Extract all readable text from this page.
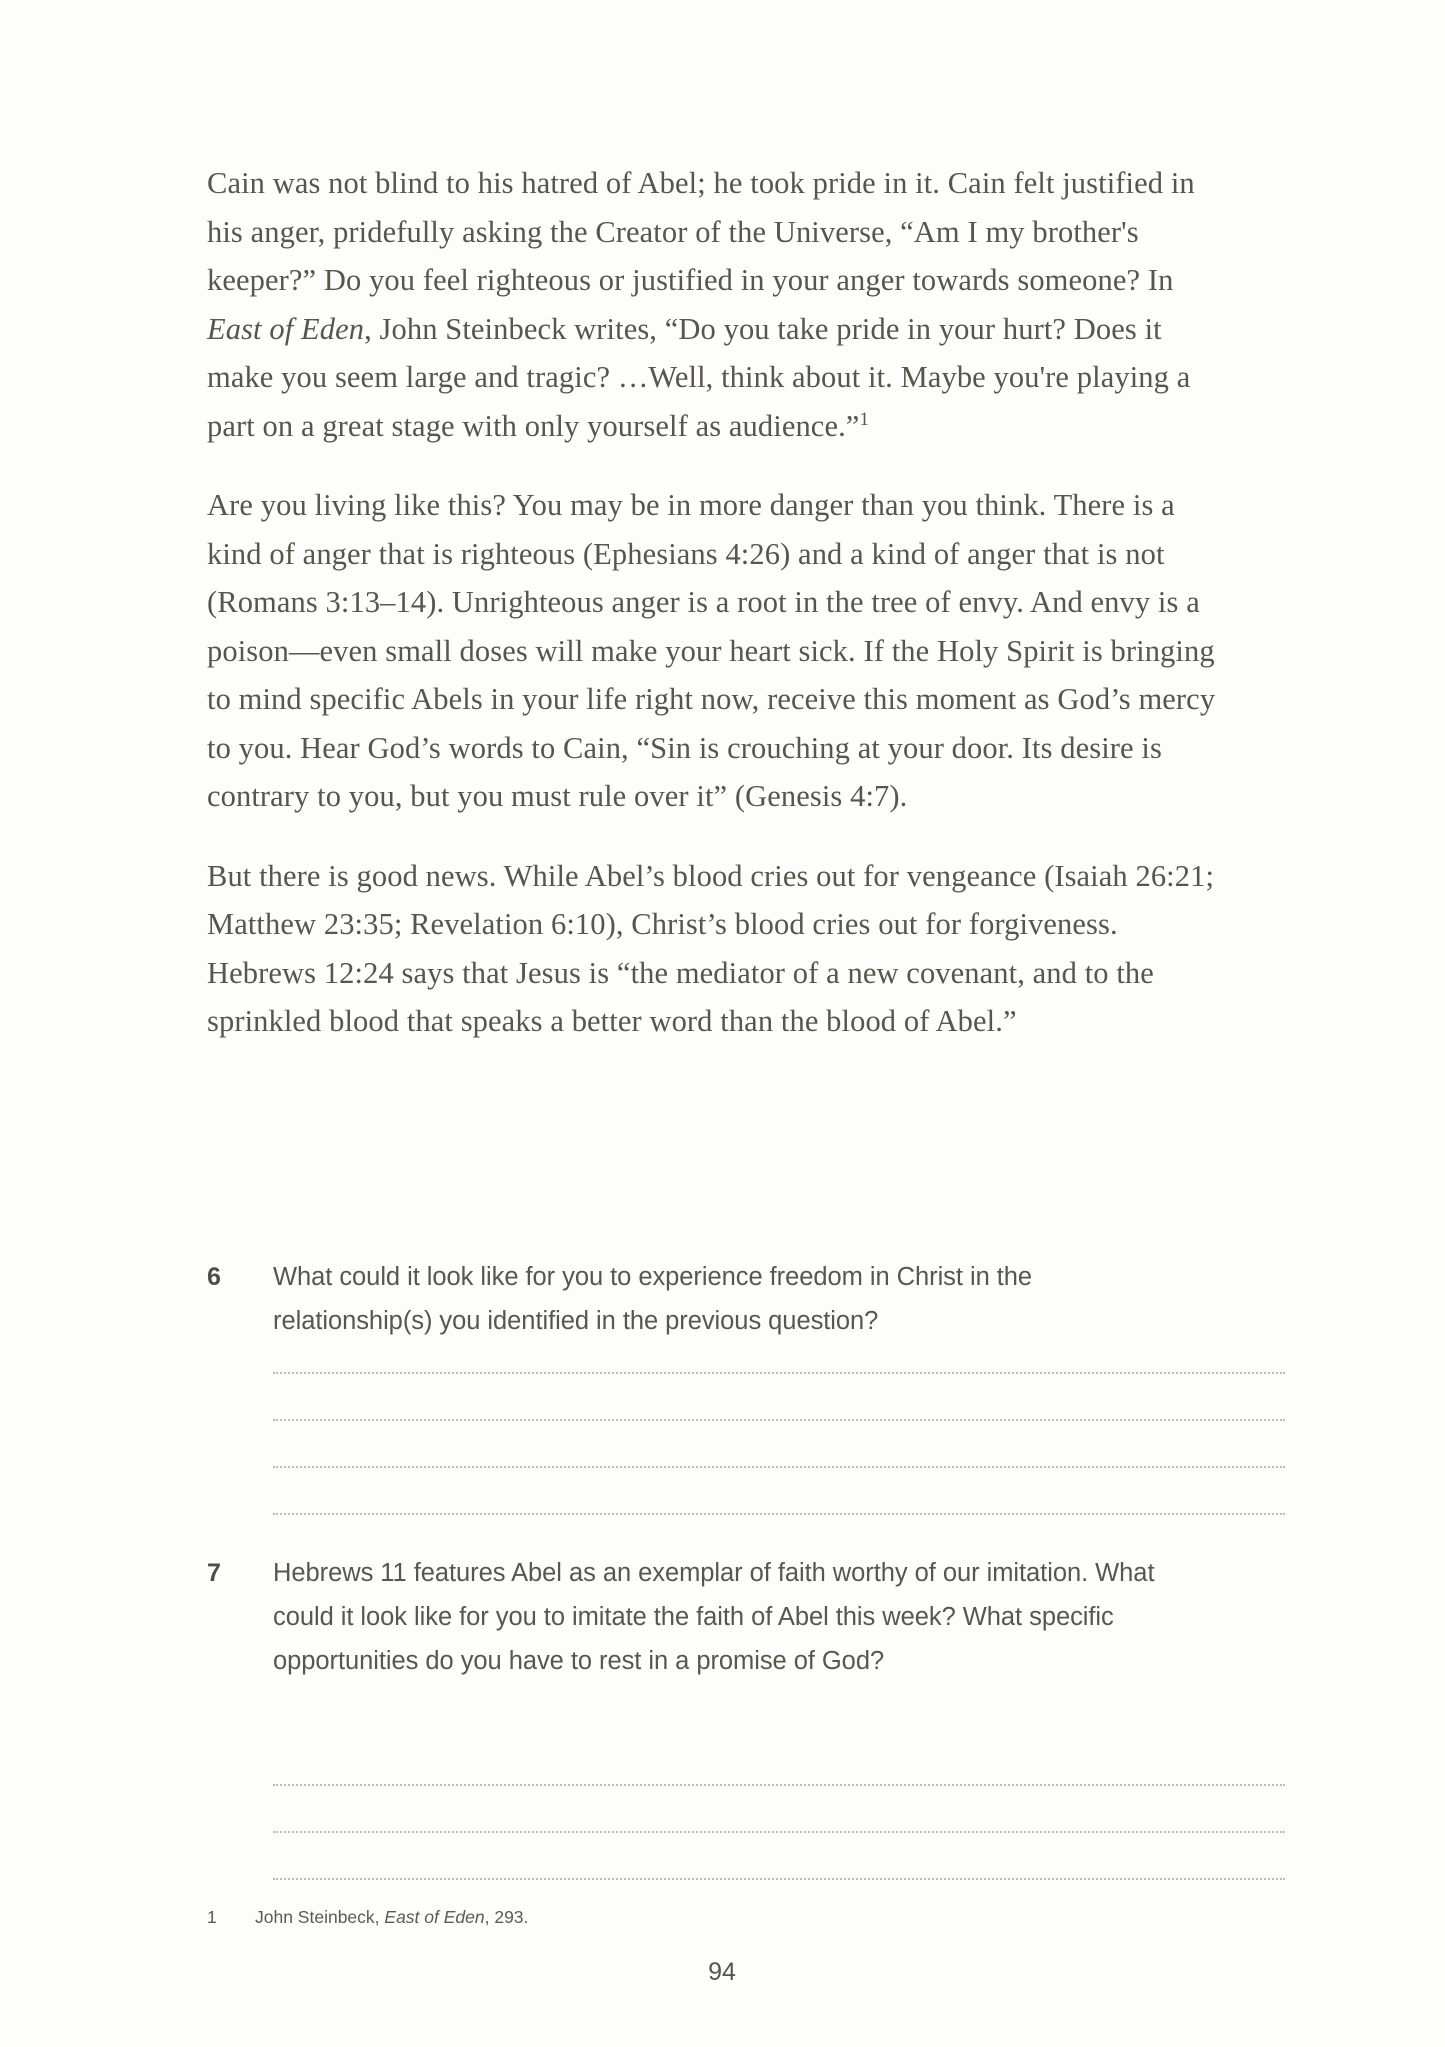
Cain was not blind to his hatred of Abel; he took pride in it. Cain felt justified in his anger, pridefully asking the Creator of the Universe, “Am I my brother's keeper?” Do you feel righteous or justified in your anger towards someone? In East of Eden, John Steinbeck writes, “Do you take pride in your hurt? Does it make you seem large and tragic? …Well, think about it. Maybe you're playing a part on a great stage with only yourself as audience.”$^1$

Are you living like this? You may be in more danger than you think. There is a kind of anger that is righteous (Ephesians 4:26) and a kind of anger that is not (Romans 3:13–14). Unrighteous anger is a root in the tree of envy. And envy is a poison—even small doses will make your heart sick. If the Holy Spirit is bringing to mind specific Abels in your life right now, receive this moment as God’s mercy to you. Hear God’s words to Cain, “Sin is crouching at your door. Its desire is contrary to you, but you must rule over it” (Genesis 4:7).

But there is good news. While Abel’s blood cries out for vengeance (Isaiah 26:21; Matthew 23:35; Revelation 6:10), Christ’s blood cries out for forgiveness. Hebrews 12:24 says that Jesus is “the mediator of a new covenant, and to the sprinkled blood that speaks a better word than the blood of Abel.”

6	What could it look like for you to experience freedom in Christ in the relationship(s) you identified in the previous question?
7	Hebrews 11 features Abel as an exemplar of faith worthy of our imitation. What could it look like for you to imitate the faith of Abel this week? What specific opportunities do you have to rest in a promise of God?
1 John Steinbeck, East of Eden, 293.
94
